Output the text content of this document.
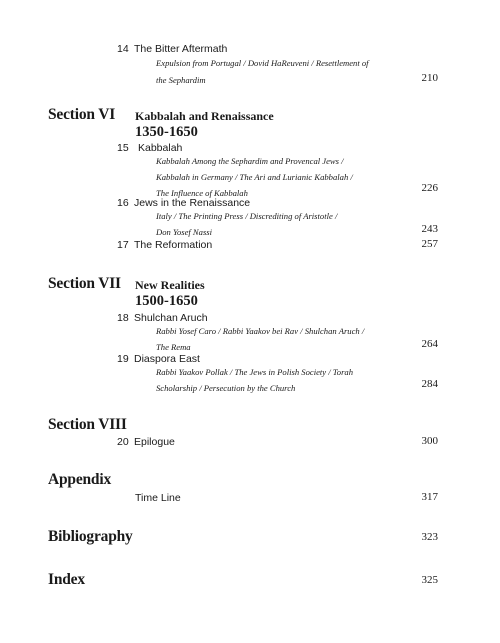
14 The Bitter Aftermath
Expulsion from Portugal / Dovid HaReuveni / Resettlement of
the Sephardim	210
Section VI Kabbalah and Renaissance
1350-1650
15 Kabbalah
Kabbalah Among the Sephardim and Provencal Jews /
Kabbalah in Germany / The Ari and Lurianic Kabbalah /
The Influence of Kabbalah	226
16 Jews in the Renaissance
Italy / The Printing Press / Discrediting of Aristotle /
Don Yosef Nassi	243
17 The Reformation	257
Section VII New Realities
1500-1650
18 Shulchan Aruch
Rabbi Yosef Caro / Rabbi Yaakov bei Rav / Shulchan Aruch /
The Rema	264
19 Diaspora East
Rabbi Yaakov Pollak / The Jews in Polish Society / Torah
Scholarship / Persecution by the Church	284
Section VIII
20 Epilogue	300
Appendix
Time Line	317
Bibliography	323
Index	325
